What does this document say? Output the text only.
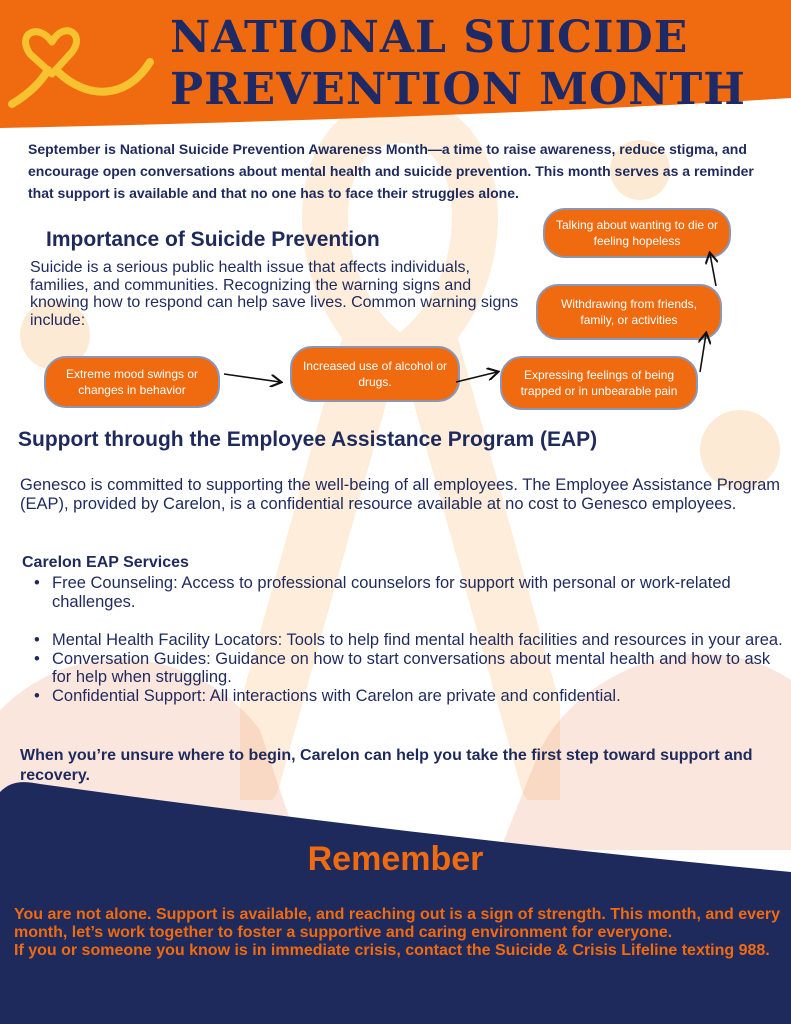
NATIONAL SUICIDE
PREVENTION MONTH
September is National Suicide Prevention Awareness Month—a time to raise awareness, reduce stigma, and encourage open conversations about mental health and suicide prevention. This month serves as a reminder that support is available and that no one has to face their struggles alone.
Importance of Suicide Prevention
Suicide is a serious public health issue that affects individuals, families, and communities. Recognizing the warning signs and knowing how to respond can help save lives. Common warning signs include:
Extreme mood swings or changes in behavior
Increased use of alcohol or drugs.	Expressing feelings of being trapped or in unbearable pain
Withdrawing from friends, family, or activities
Talking about wanting to die or feeling hopeless
Support through the Employee Assistance Program (EAP)
Genesco is committed to supporting the well-being of all employees. The Employee Assistance Program (EAP), provided by Carelon, is a confidential resource available at no cost to Genesco employees.
Carelon EAP Services
• Free Counseling: Access to professional counselors for support with personal or work-related challenges.
• Mental Health Facility Locators: Tools to help find mental health facilities and resources in your area.
• Conversation Guides: Guidance on how to start conversations about mental health and how to ask for help when struggling.
• Confidential Support: All interactions with Carelon are private and confidential.
When you’re unsure where to begin, Carelon can help you take the first step toward support and recovery.
Remember
You are not alone. Support is available, and reaching out is a sign of strength. This month, and every month, let’s work together to foster a supportive and caring environment for everyone.
If you or someone you know is in immediate crisis, contact the Suicide & Crisis Lifeline texting 988.
